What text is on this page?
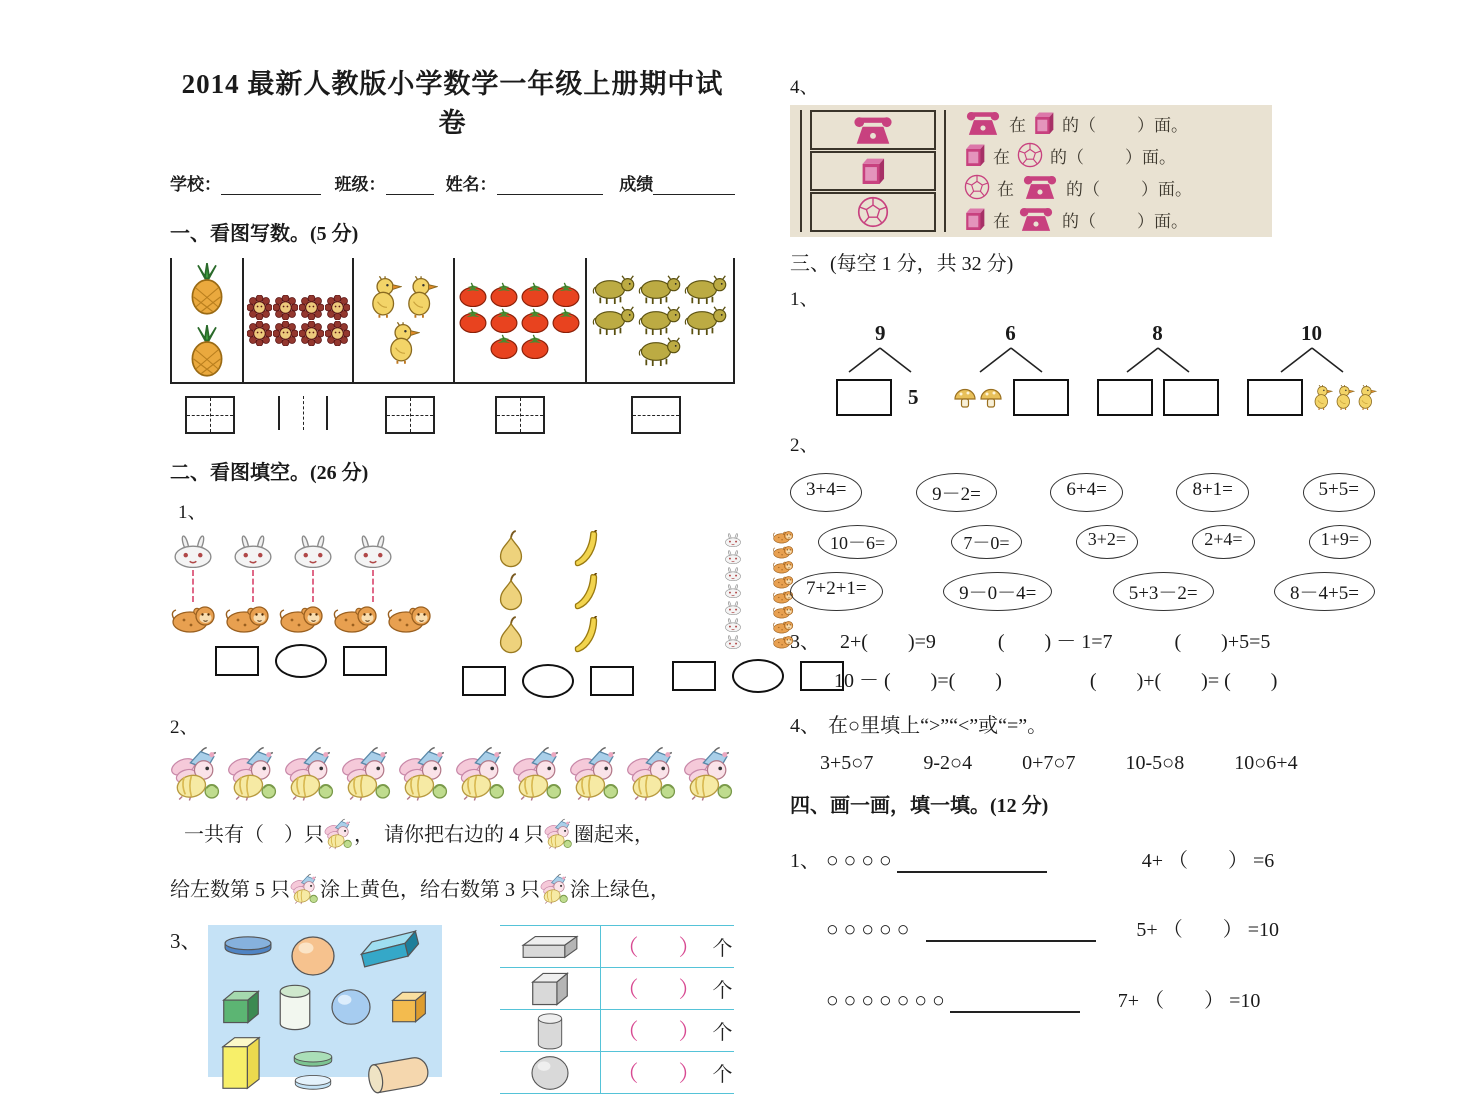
2014 最新人教版小学数学一年级上册期中试卷
学校：	班级：	姓名：	成绩
一、看图写数。(5 分)
二、看图填空。(26 分)
1、
2、
一共有（　）只 ，　请你把右边的 4 只 圈起来，
给左数第 5 只 涂上黄色，给右数第 3 只 涂上绿色，
3、	（ ） 个
（ ） 个
（ ） 个
（ ） 个
4、
在 的（ ）面。
在 的（ ）面。
在	的（ ）面。
在	的（ ）面。
三、(每空 1 分，共 32 分)
1、
9
5
6	8	10
2、
3+4=	9－2=	6+4=	8+1=	5+5=
10－6=	7－0=	3+2=	2+4=	1+9=
7+2+1=	9－0－4=	5+3－2=	8－4+5=
3、 2+(　　)=9	(　　) － 1=7	(　　)+5=5
10 － (　　)=(　　)	(　　)+(　　)= (　　)
4、 在○里填上“>”“<”或“=”。
3+5○7	9-2○4	0+7○7	10-5○8	10○6+4
四、画一画，填一填。(12 分)
1、 ○○○○	4+ （　　） =6
○○○○○	5+ （　　） =10
○○○○○○○	7+ （　　） =10
